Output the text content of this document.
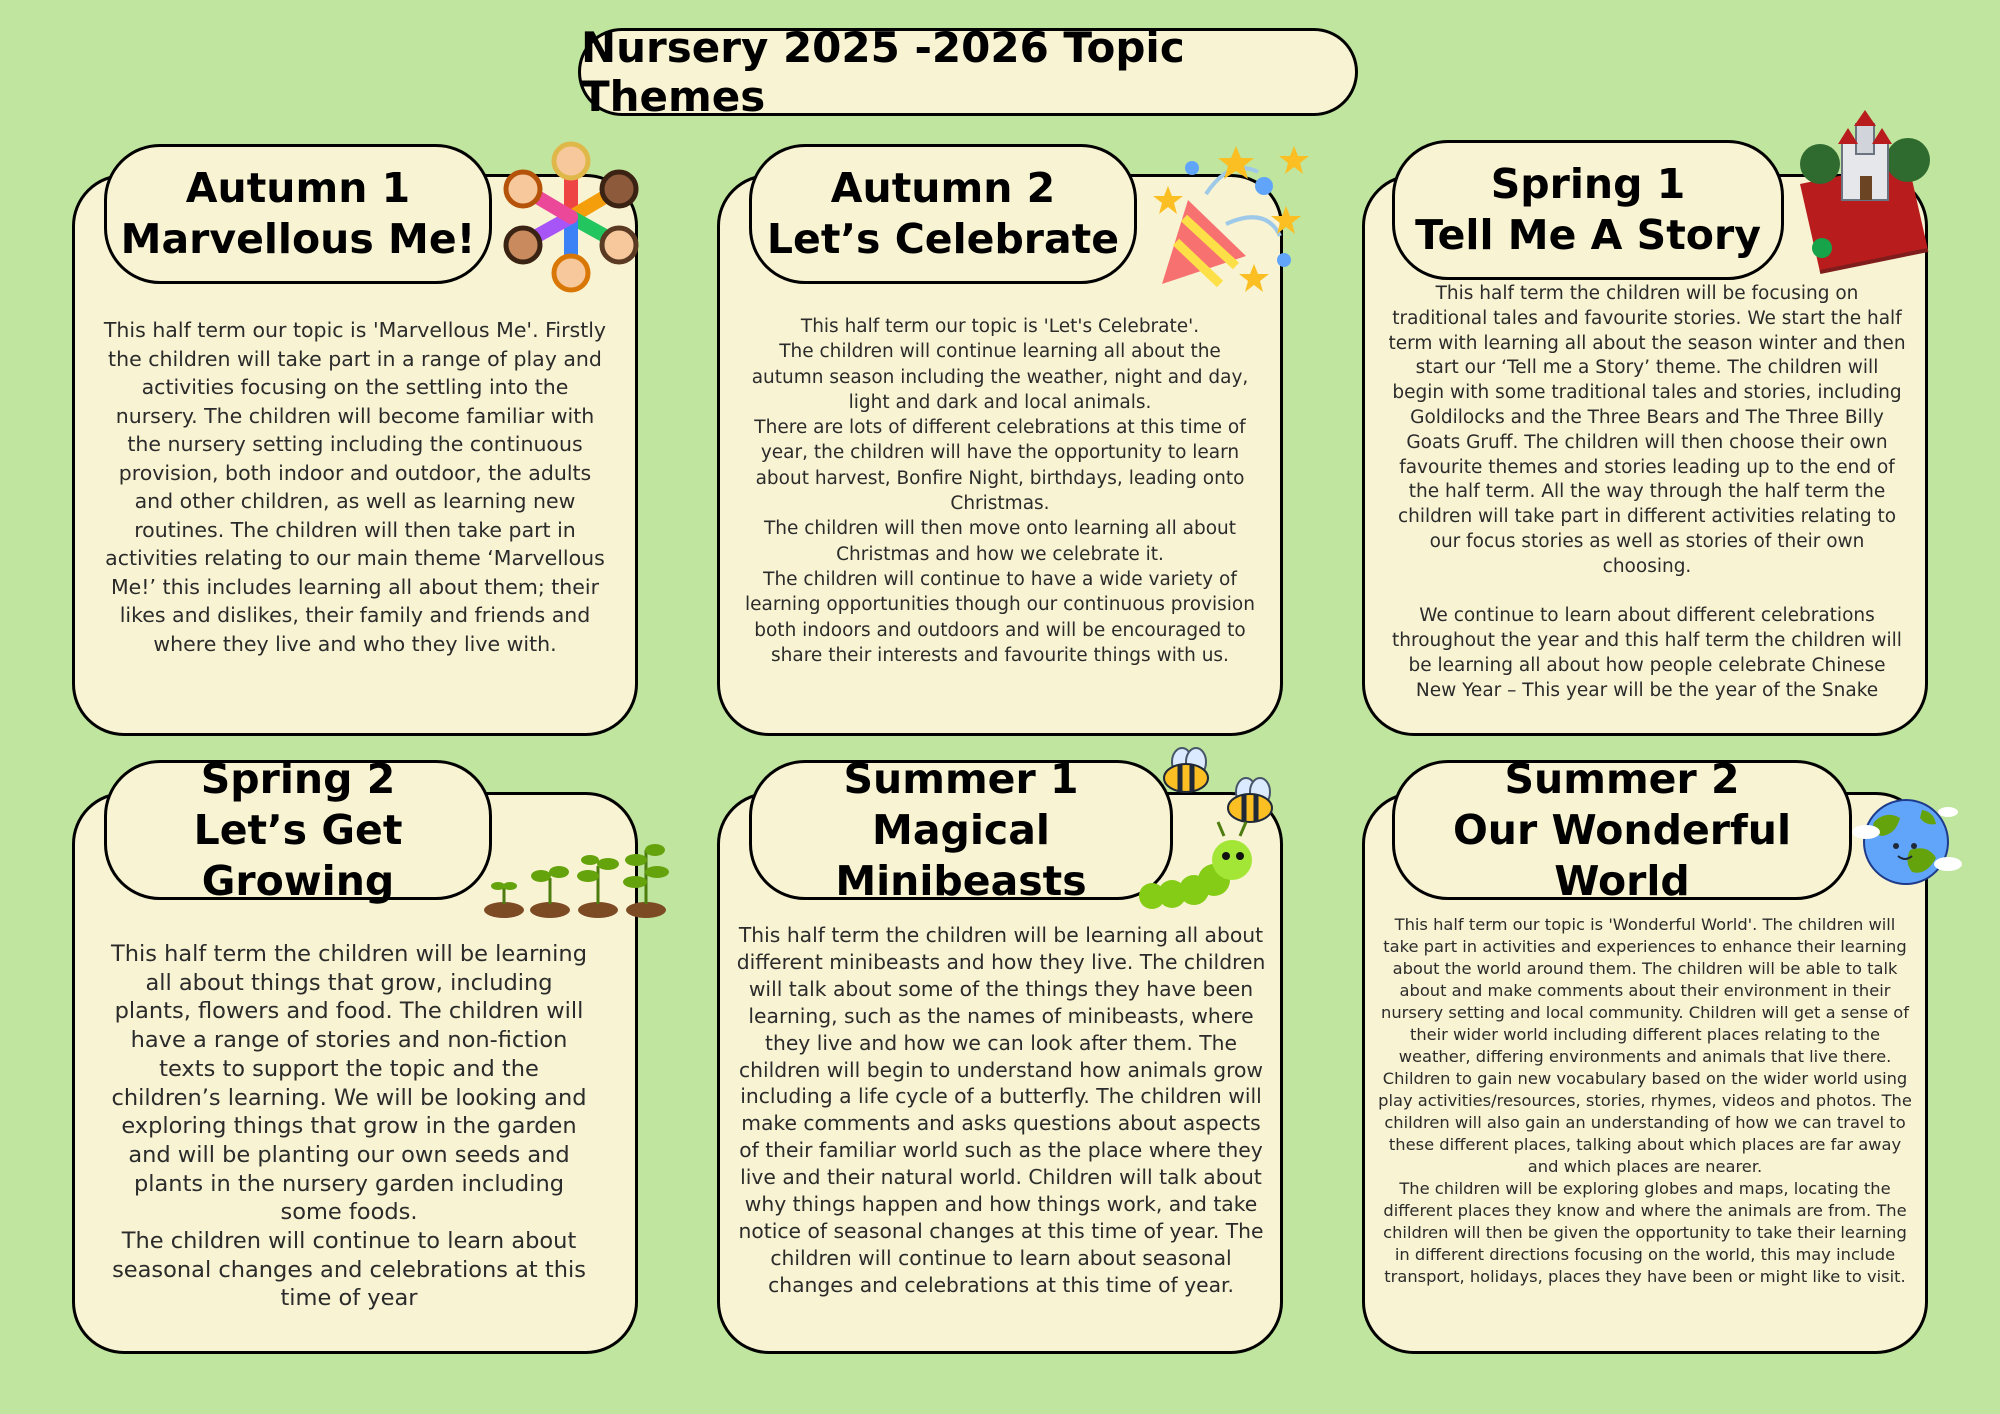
Nursery 2025 -2026 Topic Themes
Autumn 1
Marvellous Me!
This half term our topic is 'Marvellous Me'. Firstly the children will take part in a range of play and activities focusing on the settling into the nursery. The children will become familiar with the nursery setting including the continuous provision, both indoor and outdoor, the adults and other children, as well as learning new routines. The children will then take part in activities relating to our main theme ‘Marvellous Me!’ this includes learning all about them; their likes and dislikes, their family and friends and where they live and who they live with.
Autumn 2
Let’s Celebrate
This half term our topic is 'Let's Celebrate'.
The children will continue learning all about the autumn season including the weather, night and day, light and dark and local animals.
There are lots of different celebrations at this time of year, the children will have the opportunity to learn about harvest, Bonfire Night, birthdays, leading onto Christmas.
The children will then move onto learning all about Christmas and how we celebrate it.
The children will continue to have a wide variety of learning opportunities though our continuous provision both indoors and outdoors and will be encouraged to share their interests and favourite things with us.
Spring 1
Tell Me A Story
This half term the children will be focusing on traditional tales and favourite stories. We start the half term with learning all about the season winter and then start our ‘Tell me a Story’ theme. The children will begin with some traditional tales and stories, including Goldilocks and the Three Bears and The Three Billy Goats Gruff. The children will then choose their own favourite themes and stories leading up to the end of the half term. All the way through the half term the children will take part in different activities relating to our focus stories as well as stories of their own choosing.

We continue to learn about different celebrations throughout the year and this half term the children will be learning all about how people celebrate Chinese New Year – This year will be the year of the Snake
Spring 2
Let’s Get Growing
This half term the children will be learning all about things that grow, including plants, flowers and food. The children will have a range of stories and non-fiction texts to support the topic and the children’s learning. We will be looking and exploring things that grow in the garden and will be planting our own seeds and plants in the nursery garden including some foods.
The children will continue to learn about seasonal changes and celebrations at this time of year
Summer 1
Magical Minibeasts
This half term the children will be learning all about different minibeasts and how they live. The children will talk about some of the things they have been learning, such as the names of minibeasts, where they live and how we can look after them. The children will begin to understand how animals grow including a life cycle of a butterfly. The children will make comments and asks questions about aspects of their familiar world such as the place where they live and their natural world. Children will talk about why things happen and how things work, and take notice of seasonal changes at this time of year. The children will continue to learn about seasonal changes and celebrations at this time of year.
Summer 2
Our Wonderful World
This half term our topic is 'Wonderful World'. The children will take part in activities and experiences to enhance their learning about the world around them. The children will be able to talk about and make comments about their environment in their nursery setting and local community. Children will get a sense of their wider world including different places relating to the weather, differing environments and animals that live there. Children to gain new vocabulary based on the wider world using play activities/resources, stories, rhymes, videos and photos. The children will also gain an understanding of how we can travel to these different places, talking about which places are far away and which places are nearer.
The children will be exploring globes and maps, locating the different places they know and where the animals are from. The children will then be given the opportunity to take their learning in different directions focusing on the world, this may include transport, holidays, places they have been or might like to visit.
